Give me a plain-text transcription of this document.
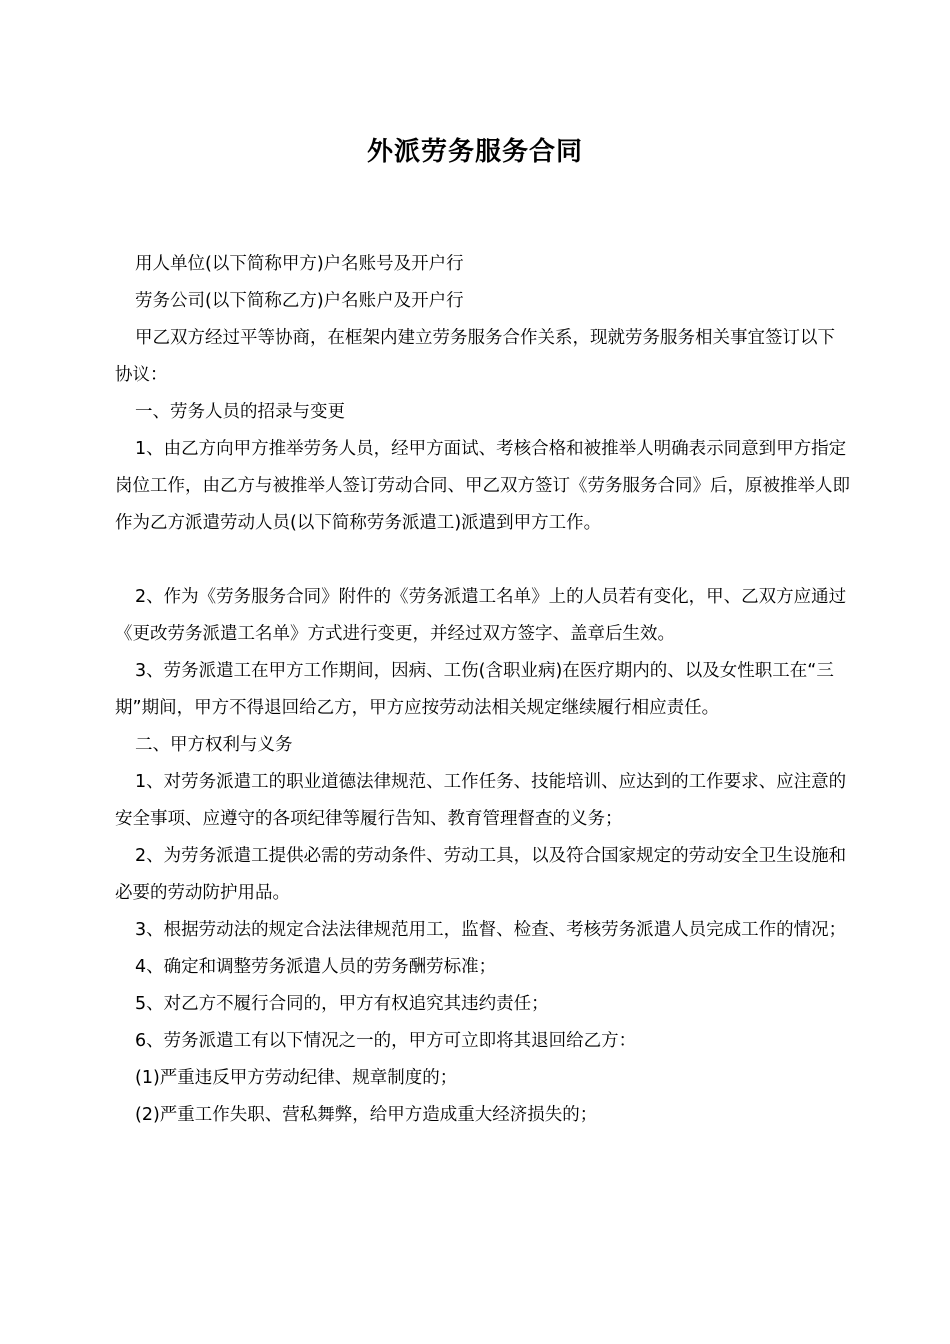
外派劳务服务合同

用人单位(以下简称甲方)户名账号及开户行

劳务公司(以下简称乙方)户名账户及开户行

甲乙双方经过平等协商，在框架内建立劳务服务合作关系，现就劳务服务相关事宜签订以下协议：

一、劳务人员的招录与变更

1、由乙方向甲方推举劳务人员，经甲方面试、考核合格和被推举人明确表示同意到甲方指定岗位工作，由乙方与被推举人签订劳动合同、甲乙双方签订《劳务服务合同》后，原被推举人即作为乙方派遣劳动人员(以下简称劳务派遣工)派遣到甲方工作。

2、作为《劳务服务合同》附件的《劳务派遣工名单》上的人员若有变化，甲、乙双方应通过《更改劳务派遣工名单》方式进行变更，并经过双方签字、盖章后生效。

3、劳务派遣工在甲方工作期间，因病、工伤(含职业病)在医疗期内的、以及女性职工在“三期”期间，甲方不得退回给乙方，甲方应按劳动法相关规定继续履行相应责任。

二、甲方权利与义务

1、对劳务派遣工的职业道德法律规范、工作任务、技能培训、应达到的工作要求、应注意的安全事项、应遵守的各项纪律等履行告知、教育管理督查的义务；

2、为劳务派遣工提供必需的劳动条件、劳动工具，以及符合国家规定的劳动安全卫生设施和必要的劳动防护用品。

3、根据劳动法的规定合法法律规范用工，监督、检查、考核劳务派遣人员完成工作的情况；

4、确定和调整劳务派遣人员的劳务酬劳标准；

5、对乙方不履行合同的，甲方有权追究其违约责任；

6、劳务派遣工有以下情况之一的，甲方可立即将其退回给乙方：

(1)严重违反甲方劳动纪律、规章制度的；

(2)严重工作失职、营私舞弊，给甲方造成重大经济损失的；
